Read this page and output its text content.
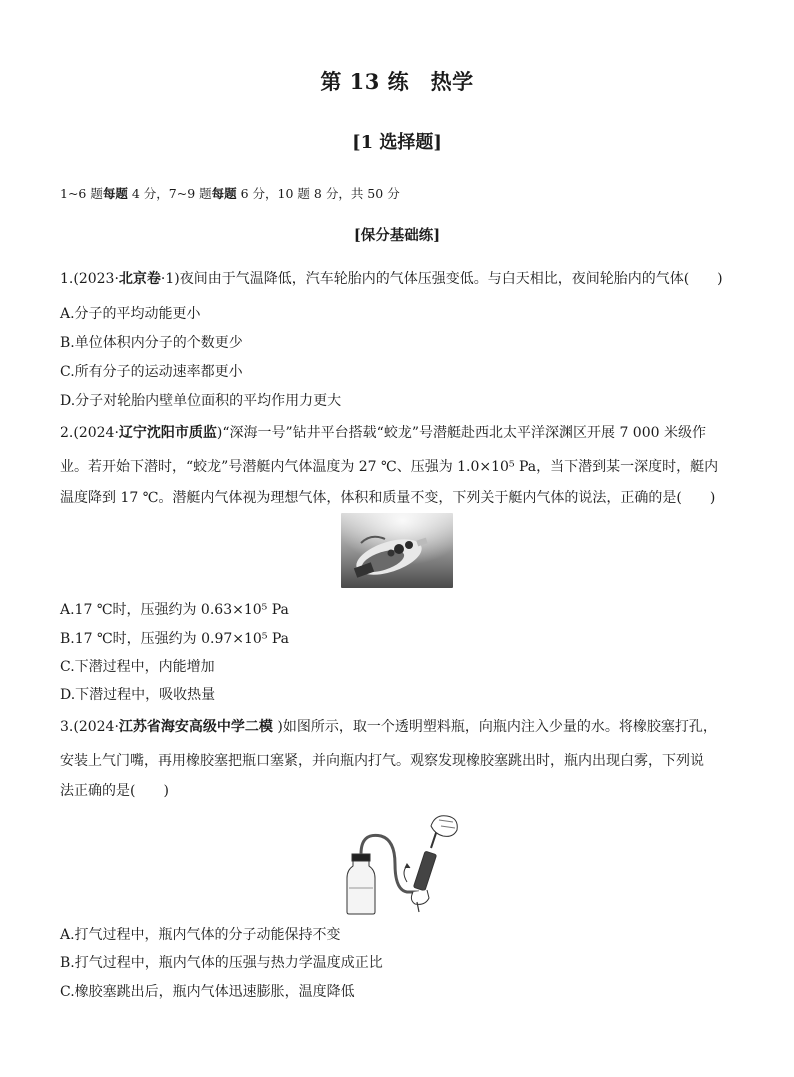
第 13 练　热学
[1 选择题]
1~6 题每题 4 分，7~9 题每题 6 分，10 题 8 分，共 50 分
[保分基础练]
1.(2023·北京卷·1)夜间由于气温降低，汽车轮胎内的气体压强变低。与白天相比，夜间轮胎内的气体(　　)
A.分子的平均动能更小
B.单位体积内分子的个数更少
C.所有分子的运动速率都更小
D.分子对轮胎内壁单位面积的平均作用力更大
2.(2024·辽宁沈阳市质监)“深海一号”钻井平台搭载“蛟龙”号潜艇赴西北太平洋深渊区开展 7 000 米级作
业。若开始下潜时，“蛟龙”号潜艇内气体温度为 27 ℃、压强为 1.0×10⁵ Pa，当下潜到某一深度时，艇内
温度降到 17 ℃。潜艇内气体视为理想气体，体积和质量不变，下列关于艇内气体的说法，正确的是(　　)
A.17 ℃时，压强约为 0.63×10⁵ Pa
B.17 ℃时，压强约为 0.97×10⁵ Pa
C.下潜过程中，内能增加
D.下潜过程中，吸收热量
3.(2024·江苏省海安高级中学二模 )如图所示，取一个透明塑料瓶，向瓶内注入少量的水。将橡胶塞打孔，
安装上气门嘴，再用橡胶塞把瓶口塞紧，并向瓶内打气。观察发现橡胶塞跳出时，瓶内出现白雾，下列说
法正确的是(　　)
A.打气过程中，瓶内气体的分子动能保持不变
B.打气过程中，瓶内气体的压强与热力学温度成正比
C.橡胶塞跳出后，瓶内气体迅速膨胀，温度降低
